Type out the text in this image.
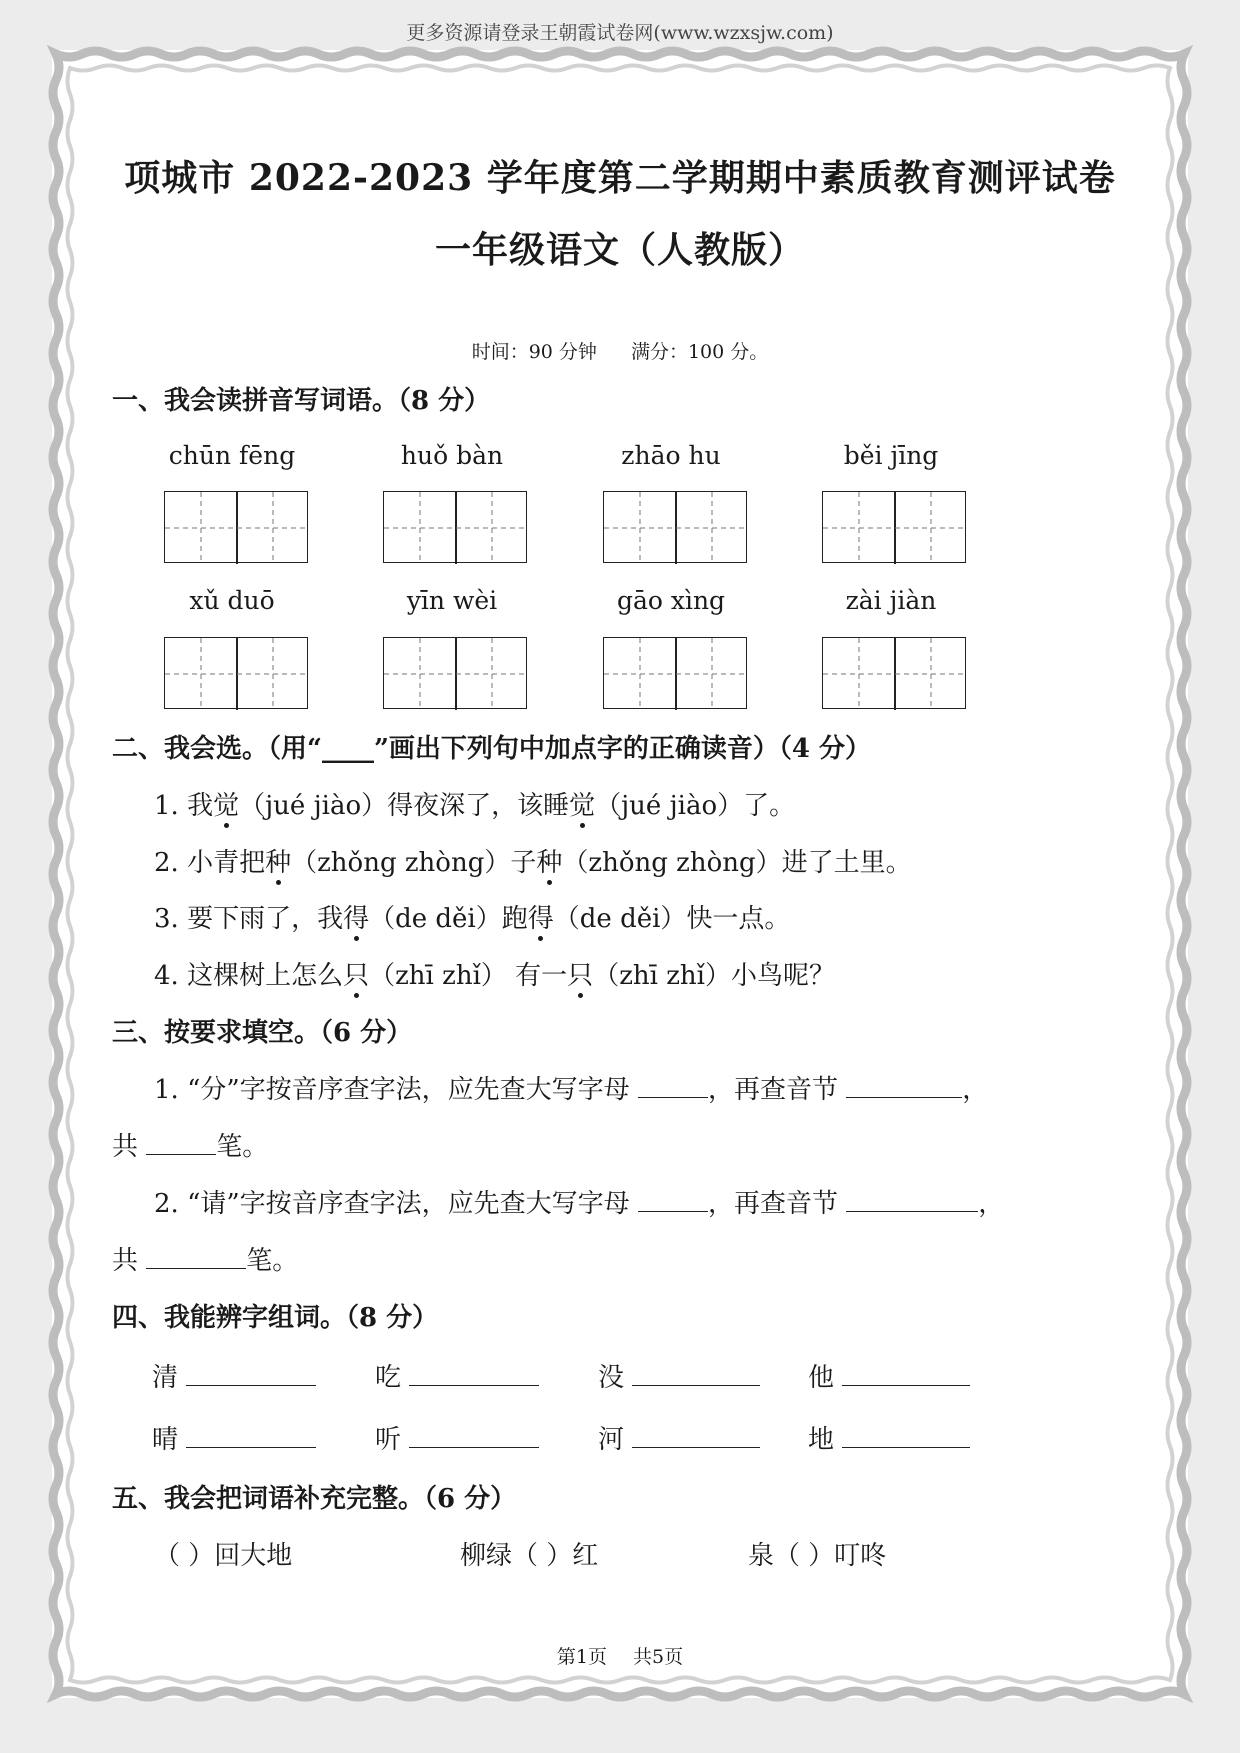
更多资源请登录王朝霞试卷网(www.wzxsjw.com)
项城市 2022-2023 学年度第二学期期中素质教育测评试卷
一年级语文（人教版）
时间：90 分钟 满分：100 分。
一、我会读拼音写词语。（8 分）
chūn fēng	huǒ bàn	zhāo hu	běi jīng
xǔ duō	yīn wèi	gāo xìng	zài jiàn
二、我会选。（用“____”画出下列句中加点字的正确读音）（4 分）
1. 我觉（jué jiào）得夜深了，该睡觉（jué jiào）了。
2. 小青把种（zhǒng zhòng）子种（zhǒng zhòng）进了土里。
3. 要下雨了，我得（de děi）跑得（de děi）快一点。
4. 这棵树上怎么只（zhī zhǐ） 有一只（zhī zhǐ）小鸟呢？
三、按要求填空。（6 分）
1. “分”字按音序查字法，应先查大写字母	，再查音节	，
共	笔。
2. “请”字按音序查字法，应先查大写字母	，再查音节	，
共	笔。
四、我能辨字组词。（8 分）
清	吃	没	他
晴	听	河	地
五、我会把词语补充完整。（6 分）
（ ）回大地	柳绿（ ）红	泉（ ）叮咚
第1页 共5页
